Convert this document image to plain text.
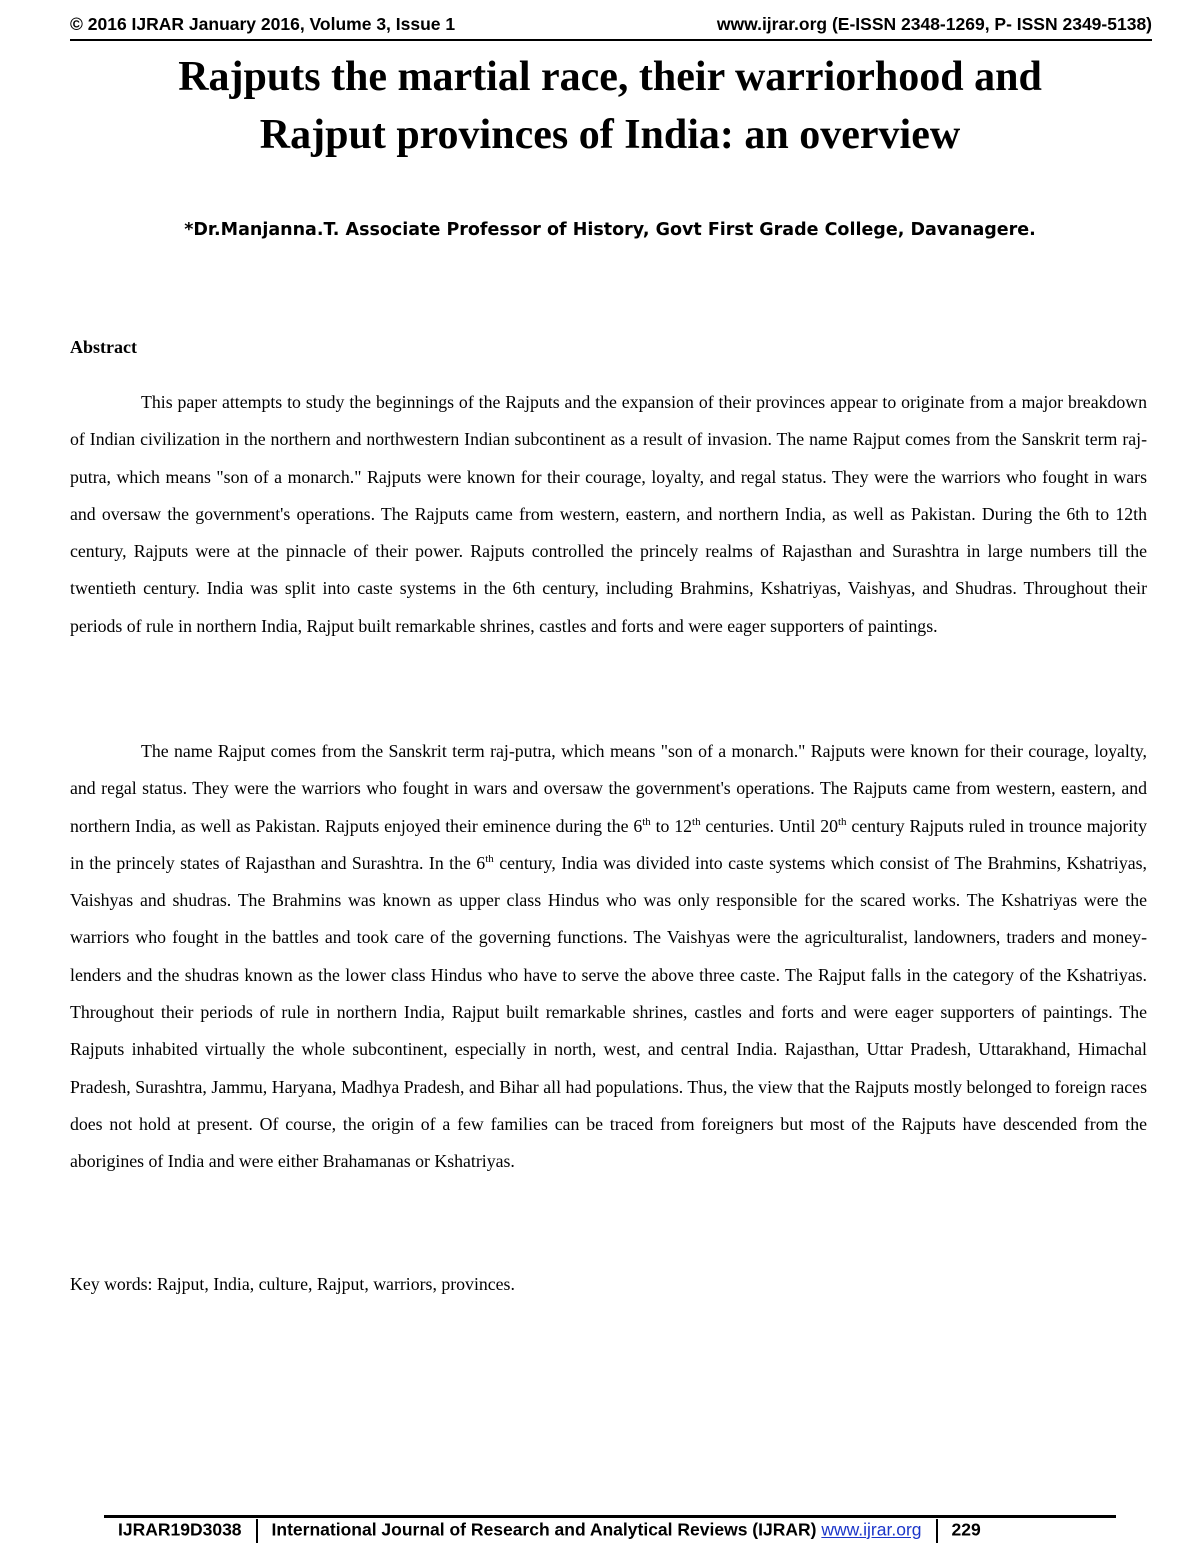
© 2016 IJRAR January 2016, Volume 3, Issue 1	www.ijrar.org (E-ISSN 2348-1269, P- ISSN 2349-5138)
Rajputs the martial race, their warriorhood and
Rajput provinces of India: an overview
*Dr.Manjanna.T. Associate Professor of History, Govt First Grade College, Davanagere.
Abstract
This paper attempts to study the beginnings of the Rajputs and the expansion of their provinces appear to originate from a major breakdown of Indian civilization in the northern and northwestern Indian subcontinent as a result of invasion. The name Rajput comes from the Sanskrit term raj-putra, which means "son of a monarch." Rajputs were known for their courage, loyalty, and regal status. They were the warriors who fought in wars and oversaw the government's operations. The Rajputs came from western, eastern, and northern India, as well as Pakistan. During the 6th to 12th century, Rajputs were at the pinnacle of their power. Rajputs controlled the princely realms of Rajasthan and Surashtra in large numbers till the twentieth century. India was split into caste systems in the 6th century, including Brahmins, Kshatriyas, Vaishyas, and Shudras. Throughout their periods of rule in northern India, Rajput built remarkable shrines, castles and forts and were eager supporters of paintings.
The name Rajput comes from the Sanskrit term raj-putra, which means "son of a monarch." Rajputs were known for their courage, loyalty, and regal status. They were the warriors who fought in wars and oversaw the government's operations. The Rajputs came from western, eastern, and northern India, as well as Pakistan. Rajputs enjoyed their eminence during the 6th to 12th centuries. Until 20th century Rajputs ruled in trounce majority in the princely states of Rajasthan and Surashtra. In the 6th century, India was divided into caste systems which consist of The Brahmins, Kshatriyas, Vaishyas and shudras. The Brahmins was known as upper class Hindus who was only responsible for the scared works. The Kshatriyas were the warriors who fought in the battles and took care of the governing functions. The Vaishyas were the agriculturalist, landowners, traders and money-lenders and the shudras known as the lower class Hindus who have to serve the above three caste. The Rajput falls in the category of the Kshatriyas. Throughout their periods of rule in northern India, Rajput built remarkable shrines, castles and forts and were eager supporters of paintings. The Rajputs inhabited virtually the whole subcontinent, especially in north, west, and central India. Rajasthan, Uttar Pradesh, Uttarakhand, Himachal Pradesh, Surashtra, Jammu, Haryana, Madhya Pradesh, and Bihar all had populations. Thus, the view that the Rajputs mostly belonged to foreign races does not hold at present. Of course, the origin of a few families can be traced from foreigners but most of the Rajputs have descended from the aborigines of India and were either Brahamanas or Kshatriyas.
Key words: Rajput, India, culture, Rajput, warriors, provinces.
IJRAR19D3038 International Journal of Research and Analytical Reviews (IJRAR) www.ijrar.org 229
